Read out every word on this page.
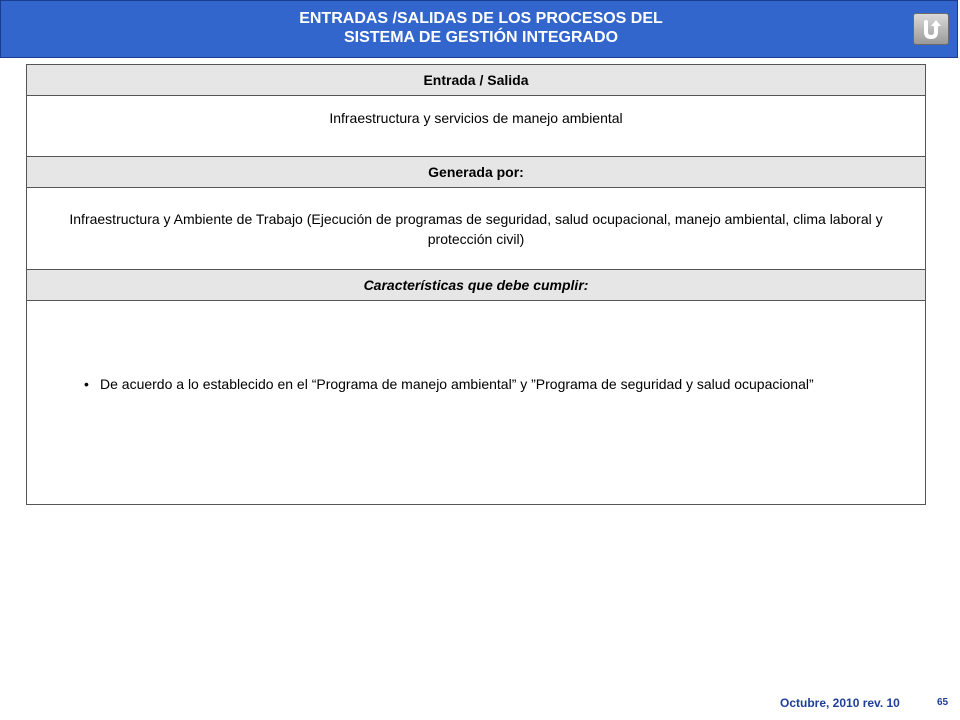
ENTRADAS /SALIDAS DE LOS PROCESOS DEL
SISTEMA DE GESTIÓN INTEGRADO
Entrada / Salida
Infraestructura y servicios de manejo ambiental
Generada por:
Infraestructura y Ambiente de Trabajo (Ejecución de programas de seguridad, salud ocupacional, manejo ambiental, clima laboral y protección civil)
Características que debe cumplir:
• De acuerdo a lo establecido en el “Programa de manejo ambiental” y ”Programa de seguridad y salud ocupacional”
Octubre, 2010 rev. 10	65
